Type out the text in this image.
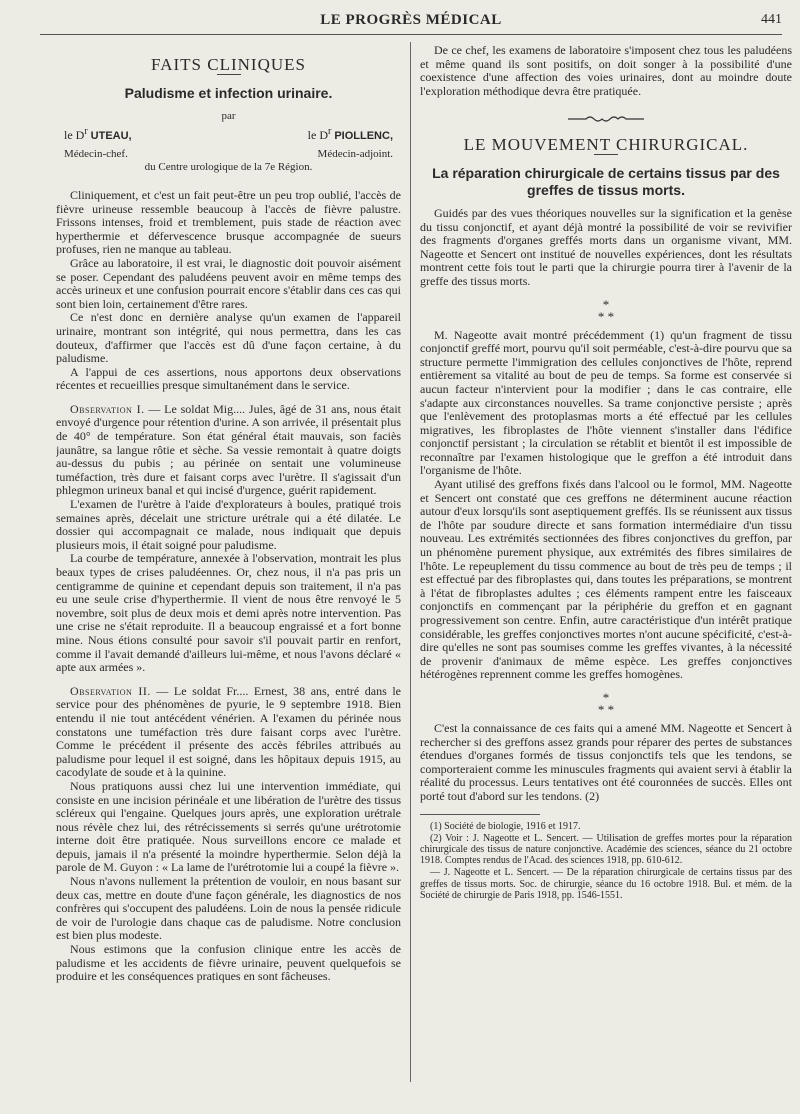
LE PROGRÈS MÉDICAL	441
FAITS CLINIQUES
Paludisme et infection urinaire.

par

le $D^r$ UTEAU,	le $D^r$ PIOLLENC,
Médecin-chef.	Médecin-adjoint.

du Centre urologique de la 7e Région.

Cliniquement, et c'est un fait peut-être un peu trop oublié, l'accès de fièvre urineuse ressemble beaucoup à l'accès de fièvre palustre. Frissons intenses, froid et tremblement, puis stade de réaction avec hyperthermie et défervescence brusque accompagnée de sueurs profuses, rien ne manque au tableau.

Grâce au laboratoire, il est vrai, le diagnostic doit pouvoir aisément se poser. Cependant des paludéens peuvent avoir en même temps des accès urineux et une confusion pourrait encore s'établir dans ces cas qui sont bien loin, certainement d'être rares.

Ce n'est donc en dernière analyse qu'un examen de l'appareil urinaire, montrant son intégrité, qui nous permettra, dans les cas douteux, d'affirmer que l'accès est dû d'une façon certaine, à du paludisme.

A l'appui de ces assertions, nous apportons deux observations récentes et recueillies presque simultanément dans le service.

Observation I. — Le soldat Mig.... Jules, âgé de 31 ans, nous était envoyé d'urgence pour rétention d'urine. A son arrivée, il présentait plus de 40° de température. Son état général était mauvais, son faciès jaunâtre, sa langue rôtie et sèche. Sa vessie remontait à quatre doigts au-dessus du pubis ; au périnée on sentait une volumineuse tuméfaction, très dure et faisant corps avec l'urètre. Il s'agissait d'un phlegmon urineux banal et qui incisé d'urgence, guérit rapidement.

L'examen de l'urètre à l'aide d'explorateurs à boules, pratiqué trois semaines après, décelait une stricture urétrale qui a été dilatée. Le dossier qui accompagnait ce malade, nous indiquait que depuis plusieurs mois, il était soigné pour paludisme.

La courbe de température, annexée à l'observation, montrait les plus beaux types de crises paludéennes. Or, chez nous, il n'a pas pris un centigramme de quinine et cependant depuis son traitement, il n'a pas eu une seule crise d'hyperthermie. Il vient de nous être renvoyé le 5 novembre, soit plus de deux mois et demi après notre intervention. Pas une crise ne s'était reproduite. Il a beaucoup engraissé et a fort bonne mine. Nous étions consulté pour savoir s'il pouvait partir en renfort, comme il l'avait demandé d'ailleurs lui-même, et nous l'avons déclaré « apte aux armées ».

Observation II. — Le soldat Fr.... Ernest, 38 ans, entré dans le service pour des phénomènes de pyurie, le 9 septembre 1918. Bien entendu il nie tout antécédent vénérien. A l'examen du périnée nous constatons une tuméfaction très dure faisant corps avec l'urètre. Comme le précédent il présente des accès fébriles attribués au paludisme pour lequel il est soigné, dans les hôpitaux depuis 1915, au cacodylate de soude et à la quinine.

Nous pratiquons aussi chez lui une intervention immédiate, qui consiste en une incision périnéale et une libération de l'urètre des tissus scléreux qui l'engaine. Quelques jours après, une exploration urétrale nous révèle chez lui, des rétrécissements si serrés qu'une urétrotomie interne doit être pratiquée. Nous surveillons encore ce malade et depuis, jamais il n'a présenté la moindre hyperthermie. Selon déjà la parole de M. Guyon : « La lame de l'urétrotomie lui a coupé la fièvre ».

Nous n'avons nullement la prétention de vouloir, en nous basant sur deux cas, mettre en doute d'une façon générale, les diagnostics de nos confrères qui s'occupent des paludéens. Loin de nous la pensée ridicule de voir de l'urologie dans chaque cas de paludisme. Notre conclusion est bien plus modeste.

Nous estimons que la confusion clinique entre les accès de paludisme et les accidents de fièvre urinaire, peuvent quelquefois se produire et les conséquences pratiques en sont fâcheuses.

De ce chef, les examens de laboratoire s'imposent chez tous les paludéens et même quand ils sont positifs, on doit songer à la possibilité d'une coexistence d'une affection des voies urinaires, dont au moindre doute l'exploration méthodique devra être pratiquée.

LE MOUVEMENT CHIRURGICAL.
La réparation chirurgicale de certains tissus par des greffes de tissus morts.

Guidés par des vues théoriques nouvelles sur la signification et la genèse du tissu conjonctif, et ayant déjà montré la possibilité de voir se revivifier des fragments d'organes greffés morts dans un organisme vivant, MM. Nageotte et Sencert ont institué de nouvelles expériences, dont les résultats montrent cette fois tout le parti que la chirurgie pourra tirer à l'avenir de la greffe des tissus morts.

*
* *

M. Nageotte avait montré précédemment (1) qu'un fragment de tissu conjonctif greffé mort, pourvu qu'il soit perméable, c'est-à-dire pourvu que sa structure permette l'immigration des cellules conjonctives de l'hôte, reprend entièrement sa vitalité au bout de peu de temps. Sa forme est conservée si aucun facteur n'intervient pour la modifier ; dans le cas contraire, elle s'adapte aux circonstances nouvelles. Sa trame conjonctive persiste ; après que l'enlèvement des protoplasmas morts a été effectué par les cellules migratives, les fibroplastes de l'hôte viennent s'installer dans l'édifice conjonctif persistant ; la circulation se rétablit et bientôt il est impossible de reconnaître par l'examen histologique que le greffon a été introduit dans l'organisme de l'hôte.

Ayant utilisé des greffons fixés dans l'alcool ou le formol, MM. Nageotte et Sencert ont constaté que ces greffons ne déterminent aucune réaction autour d'eux lorsqu'ils sont aseptiquement greffés. Ils se réunissent aux tissus de l'hôte par soudure directe et sans formation intermédiaire d'un tissu nouveau. Les extrémités sectionnées des fibres conjonctives du greffon, par un phénomène purement physique, aux extrémités des fibres similaires de l'hôte. Le repeuplement du tissu commence au bout de très peu de temps ; il est effectué par des fibroplastes qui, dans toutes les préparations, se montrent à l'état de fibroplastes adultes ; ces éléments rampent entre les faisceaux conjonctifs en commençant par la périphérie du greffon et en gagnant progressivement son centre. Enfin, autre caractéristique d'un intérêt pratique considérable, les greffes conjonctives mortes n'ont aucune spécificité, c'est-à-dire qu'elles ne sont pas soumises comme les greffes vivantes, à la nécessité de provenir d'animaux de même espèce. Les greffes conjonctives hétérogènes reprennent comme les greffes homogènes.

*
* *

C'est la connaissance de ces faits qui a amené MM. Nageotte et Sencert à rechercher si des greffons assez grands pour réparer des pertes de substances étendues d'organes formés de tissus conjonctifs tels que les tendons, se comporteraient comme les minuscules fragments qui avaient servi à établir la réalité du processus. Leurs tentatives ont été couronnées de succès. Elles ont porté tout d'abord sur les tendons. (2)

(1) Société de biologie, 1916 et 1917.

(2) Voir : J. Nageotte et L. Sencert. — Utilisation de greffes mortes pour la réparation chirurgicale des tissus de nature conjonctive. Académie des sciences, séance du 21 octobre 1918. Comptes rendus de l'Acad. des sciences 1918, pp. 610-612.

— J. Nageotte et L. Sencert. — De la réparation chirurgicale de certains tissus par des greffes de tissus morts. Soc. de chirurgie, séance du 16 octobre 1918. Bul. et mém. de la Société de chirurgie de Paris 1918, pp. 1546-1551.
